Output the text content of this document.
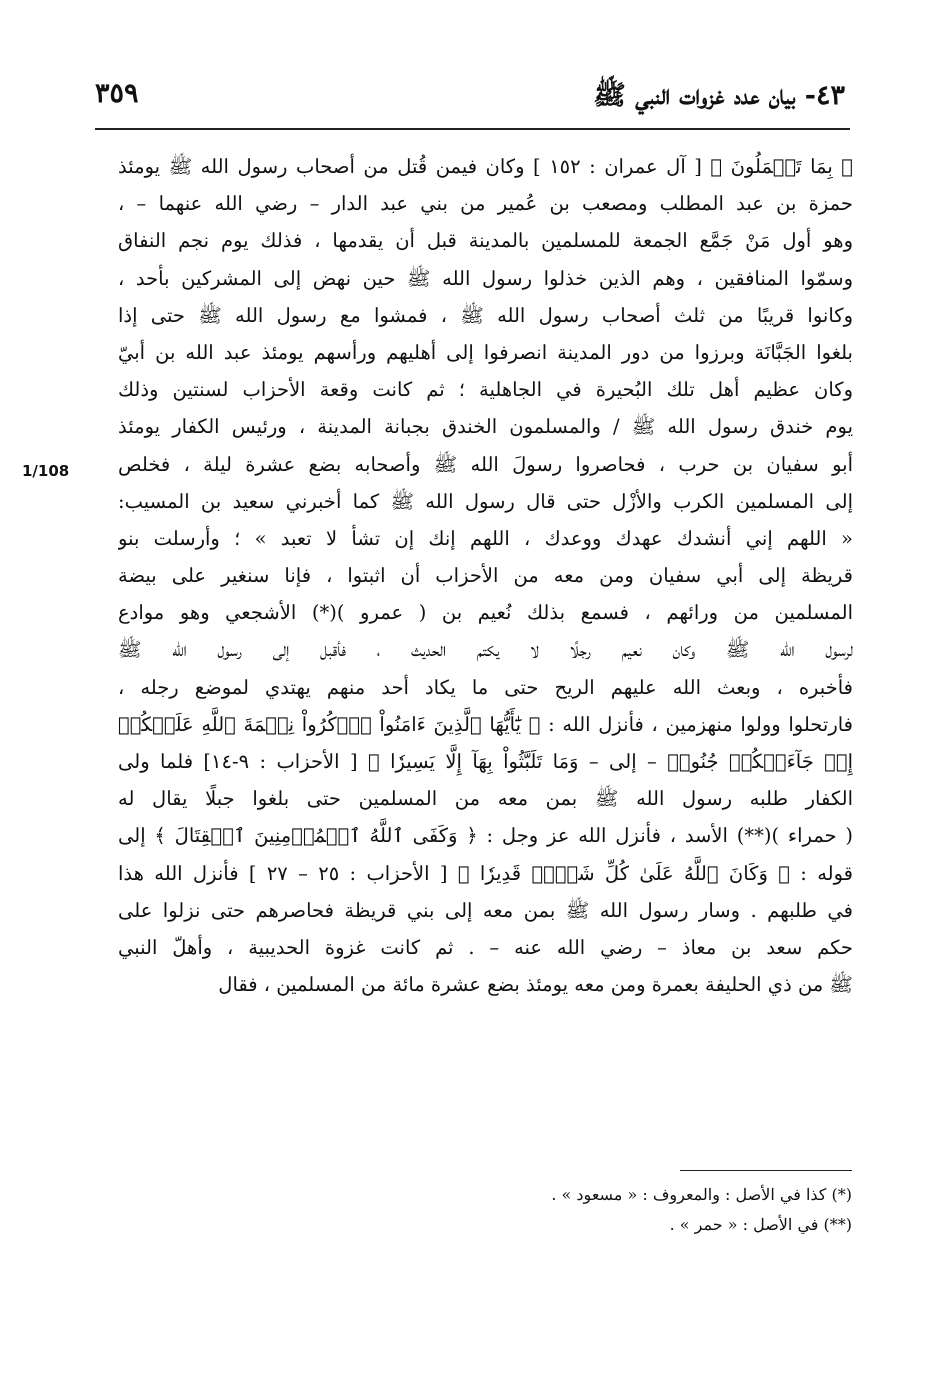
٤٣- بيان عدد غزوات النبي ﷺ
٣٥٩
1/108
﴿ بِمَا تَعۡمَلُونَ ﴾ [ آل عمران : ١٥٢ ] وكان فيمن قُتل من أصحاب رسول الله ﷺ يومئذ
حمزة بن عبد المطلب ومصعب بن عُمير من بني عبد الدار – رضي الله عنهما – ،
وهو أول مَنْ جَمَّع الجمعة للمسلمين بالمدينة قبل أن يقدمها ، فذلك يوم نجم النفاق
وسمّوا المنافقين ، وهم الذين خذلوا رسول الله ﷺ حين نهض إلى المشركين بأحد ،
وكانوا قريبًا من ثلث أصحاب رسول الله ﷺ ، فمشوا مع رسول الله ﷺ حتى إذا
بلغوا الجَبَّانَة وبرزوا من دور المدينة انصرفوا إلى أهليهم ورأسهم يومئذ عبد الله بن أبيّ
وكان عظيم أهل تلك البُحيرة في الجاهلية ؛ ثم كانت وقعة الأحزاب لسنتين وذلك
يوم خندق رسول الله ﷺ / والمسلمون الخندق بجبانة المدينة ، ورئيس الكفار يومئذ
أبو سفيان بن حرب ، فحاصروا رسولَ الله ﷺ وأصحابه بضع عشرة ليلة ، فخلص
إلى المسلمين الكرب والأزْل حتى قال رسول الله ﷺ كما أخبرني سعيد بن المسيب:
« اللهم إني أنشدك عهدك ووعدك ، اللهم إنك إن تشأ لا تعبد » ؛ وأرسلت بنو
قريظة إلى أبي سفيان ومن معه من الأحزاب أن اثبتوا ، فإنا سنغير على بيضة
المسلمين من ورائهم ، فسمع بذلك نُعيم بن ( عمرو )(*) الأشجعي وهو موادع
لرسول الله ﷺ وكان نعيم رجلًا لا يكتم الحديث ، فأقبل إلى رسول الله ﷺ
فأخبره ، وبعث الله عليهم الريح حتى ما يكاد أحد منهم يهتدي لموضع رجله ،
فارتحلوا وولوا منهزمين ، فأنزل الله : ﴿ يَٰٓأَيُّهَا ٱلَّذِينَ ءَامَنُواْ ٱذۡكُرُواْ نِعۡمَةَ ٱللَّهِ عَلَيۡكُمۡ
إِذۡ جَآءَتۡكُمۡ جُنُودٞ – إلى – وَمَا تَلَبَّثُواْ بِهَآ إِلَّا يَسِيرٗا ﴾ [ الأحزاب : ٩-١٤] فلما ولى
الكفار طلبه رسول الله ﷺ بمن معه من المسلمين حتى بلغوا جبلًا يقال له
( حمراء )(**) الأسد ، فأنزل الله عز وجل : ﴿ وَكَفَى ٱللَّهُ ٱلۡمُؤۡمِنِينَ ٱلۡقِتَالَ ﴾ إلى
قوله : ﴿ وَكَانَ ٱللَّهُ عَلَىٰ كُلِّ شَيۡءٖ قَدِيرٗا ﴾ [ الأحزاب : ٢٥ – ٢٧ ] فأنزل الله هذا
في طلبهم . وسار رسول الله ﷺ بمن معه إلى بني قريظة فحاصرهم حتى نزلوا على
حكم سعد بن معاذ – رضي الله عنه – . ثم كانت غزوة الحديبية ، وأهلّ النبي
ﷺ من ذي الحليفة بعمرة ومن معه يومئذ بضع عشرة مائة من المسلمين ، فقال
(*) كذا في الأصل : والمعروف : « مسعود » .
(**) في الأصل : « حمر » .
